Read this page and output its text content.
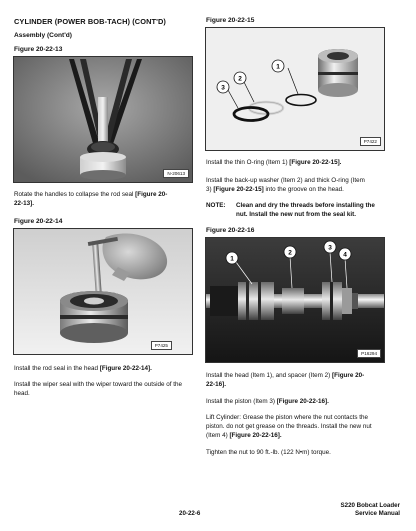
CYLINDER (POWER BOB-TACH) (CONT'D)
Assembly (Cont'd)
Figure 20-22-13
N-20613
Rotate the handles to collapse the rod seal [Figure 20-
22-13].
Figure 20-22-14
P7425
Install the rod seal in the head [Figure 20-22-14].
Install the wiper seal with the wiper toward the outside of the head.
Figure 20-22-15
1
2
3
P7422
Install the thin O-ring (Item 1) [Figure 20-22-15].
Install the back-up washer (Item 2) and thick O-ring (Item
3) [Figure 20-22-15] into the groove on the head.
NOTE:	Clean and dry the threads before installing the nut. Install the new nut from the seal kit.
Figure 20-22-16
1
2
3
4
P16294
Install the head (Item 1), and spacer (Item 2) [Figure 20-
22-16].
Install the piston (Item 3) [Figure 20-22-16].
Lift Cylinder: Grease the piston where the nut contacts the piston. do not get grease on the threads. Install the new nut (Item 4) [Figure 20-22-16].
Tighten the nut to 90 ft.-lb. (122 N•m) torque.
20-22-6
S220 Bobcat Loader
Service Manual
